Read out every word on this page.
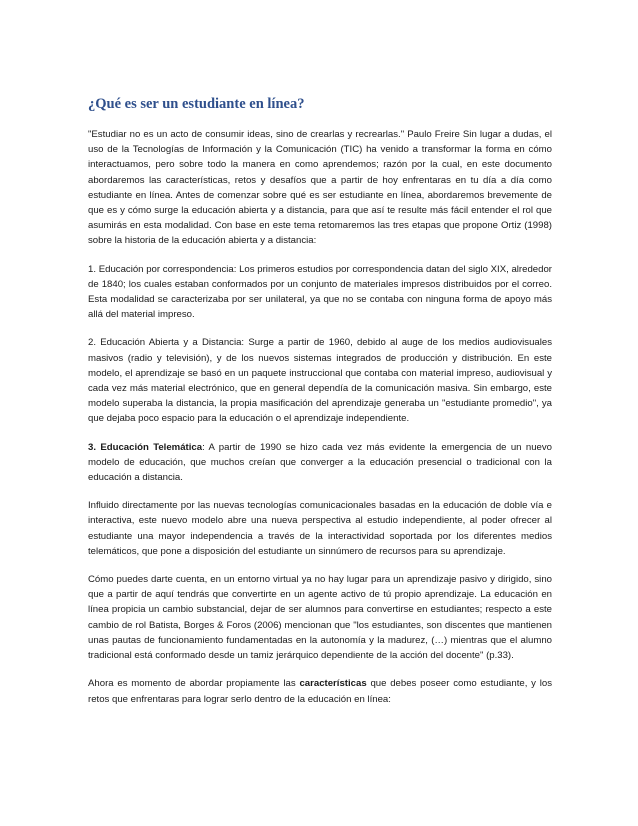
¿Qué es ser un estudiante en línea?

"Estudiar no es un acto de consumir ideas, sino de crearlas y recrearlas." Paulo Freire Sin lugar a dudas, el uso de la Tecnologías de Información y la Comunicación (TIC) ha venido a transformar la forma en cómo interactuamos, pero sobre todo la manera en como aprendemos; razón por la cual, en este documento abordaremos las características, retos y desafíos que a partir de hoy enfrentaras en tu día a día como estudiante en línea. Antes de comenzar sobre qué es ser estudiante en línea, abordaremos brevemente de que es y cómo surge la educación abierta y a distancia, para que así te resulte más fácil entender el rol que asumirás en esta modalidad. Con base en este tema retomaremos las tres etapas que propone Ortiz (1998) sobre la historia de la educación abierta y a distancia:

1. Educación por correspondencia: Los primeros estudios por correspondencia datan del siglo XIX, alrededor de 1840; los cuales estaban conformados por un conjunto de materiales impresos distribuidos por el correo. Esta modalidad se caracterizaba por ser unilateral, ya que no se contaba con ninguna forma de apoyo más allá del material impreso.

2. Educación Abierta y a Distancia: Surge a partir de 1960, debido al auge de los medios audiovisuales masivos (radio y televisión), y de los nuevos sistemas integrados de producción y distribución. En este modelo, el aprendizaje se basó en un paquete instruccional que contaba con material impreso, audiovisual y cada vez más material electrónico, que en general dependía de la comunicación masiva. Sin embargo, este modelo superaba la distancia, la propia masificación del aprendizaje generaba un "estudiante promedio", ya que dejaba poco espacio para la educación o el aprendizaje independiente.

3. Educación Telemática: A partir de 1990 se hizo cada vez más evidente la emergencia de un nuevo modelo de educación, que muchos creían que converger a la educación presencial o tradicional con la educación a distancia.

Influido directamente por las nuevas tecnologías comunicacionales basadas en la educación de doble vía e interactiva, este nuevo modelo abre una nueva perspectiva al estudio independiente, al poder ofrecer al estudiante una mayor independencia a través de la interactividad soportada por los diferentes medios telemáticos, que pone a disposición del estudiante un sinnúmero de recursos para su aprendizaje.

Cómo puedes darte cuenta, en un entorno virtual ya no hay lugar para un aprendizaje pasivo y dirigido, sino que a partir de aquí tendrás que convertirte en un agente activo de tú propio aprendizaje. La educación en línea propicia un cambio substancial, dejar de ser alumnos para convertirse en estudiantes; respecto a este cambio de rol Batista, Borges & Foros (2006) mencionan que "los estudiantes, son discentes que mantienen unas pautas de funcionamiento fundamentadas en la autonomía y la madurez, (…) mientras que el alumno tradicional está conformado desde un tamiz jerárquico dependiente de la acción del docente" (p.33).

Ahora es momento de abordar propiamente las características que debes poseer como estudiante, y los retos que enfrentaras para lograr serlo dentro de la educación en línea:
